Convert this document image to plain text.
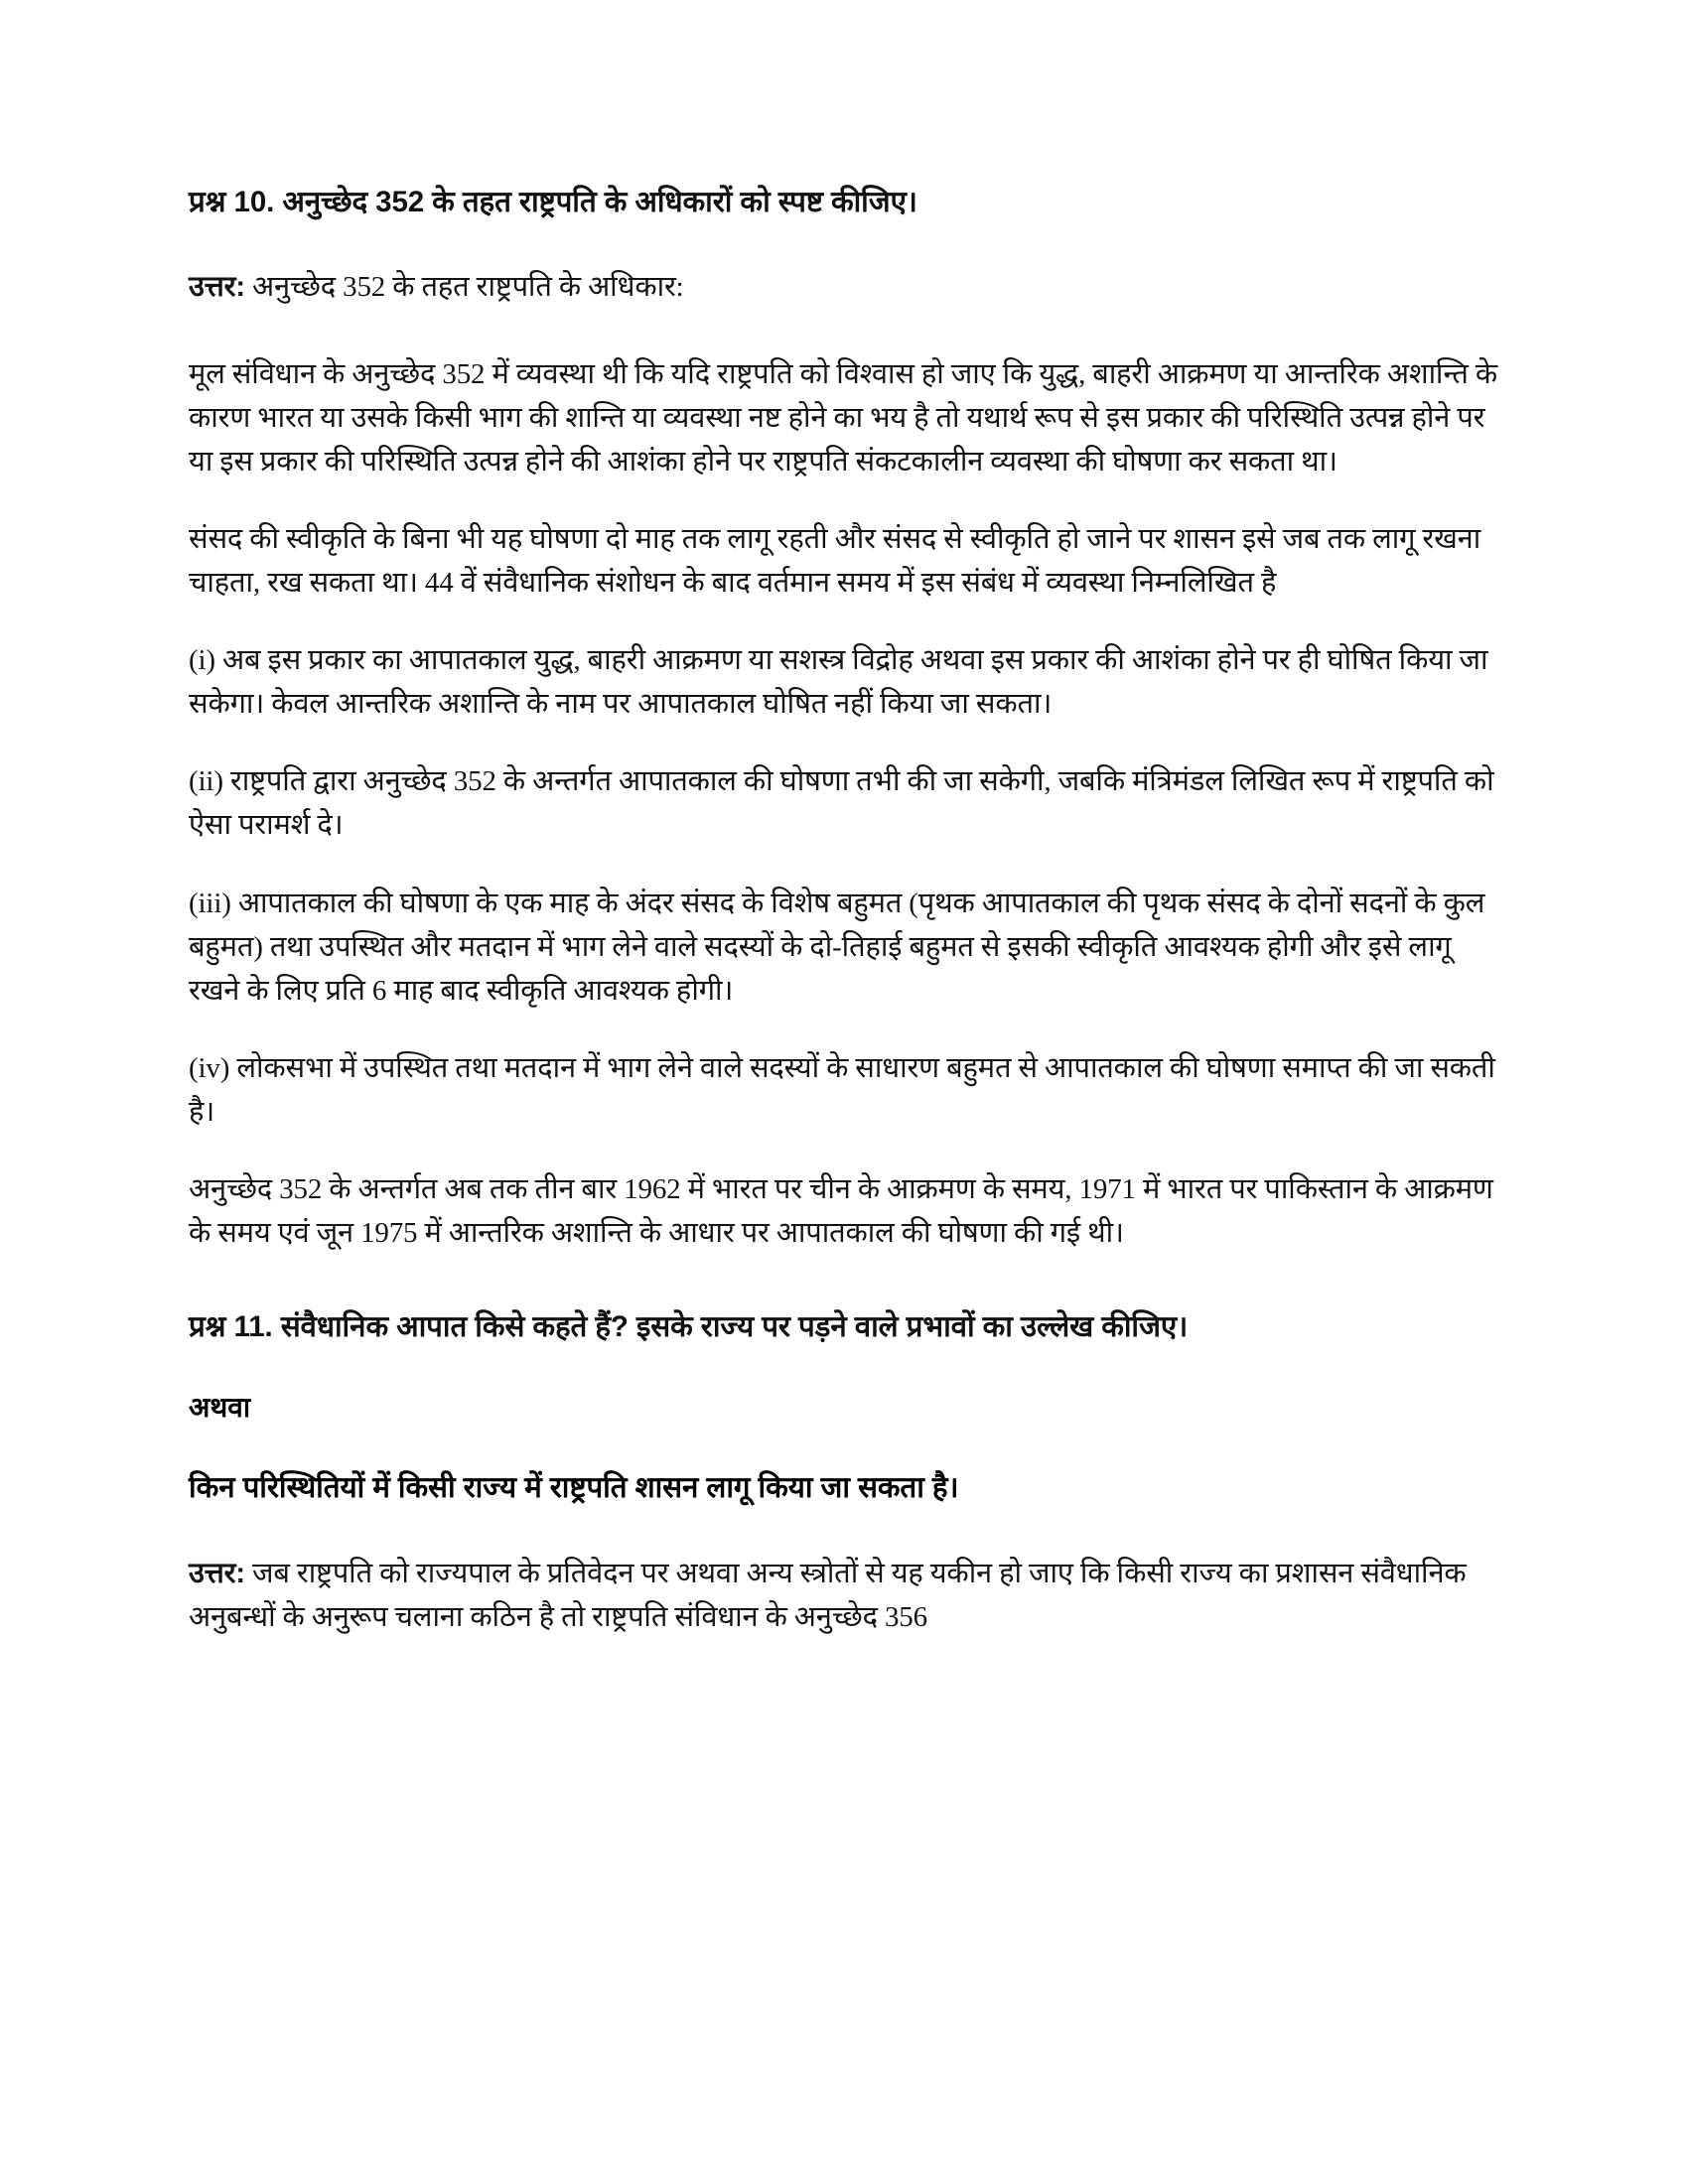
प्रश्न 10. अनुच्छेद 352 के तहत राष्ट्रपति के अधिकारों को स्पष्ट कीजिए।

उत्तर: अनुच्छेद 352 के तहत राष्ट्रपति के अधिकार:

मूल संविधान के अनुच्छेद 352 में व्यवस्था थी कि यदि राष्ट्रपति को विश्वास हो जाए कि युद्ध, बाहरी आक्रमण या आन्तरिक अशान्ति के कारण भारत या उसके किसी भाग की शान्ति या व्यवस्था नष्ट होने का भय है तो यथार्थ रूप से इस प्रकार की परिस्थिति उत्पन्न होने पर या इस प्रकार की परिस्थिति उत्पन्न होने की आशंका होने पर राष्ट्रपति संकटकालीन व्यवस्था की घोषणा कर सकता था।

संसद की स्वीकृति के बिना भी यह घोषणा दो माह तक लागू रहती और संसद से स्वीकृति हो जाने पर शासन इसे जब तक लागू रखना चाहता, रख सकता था। 44 वें संवैधानिक संशोधन के बाद वर्तमान समय में इस संबंध में व्यवस्था निम्नलिखित है

(i) अब इस प्रकार का आपातकाल युद्ध, बाहरी आक्रमण या सशस्त्र विद्रोह अथवा इस प्रकार की आशंका होने पर ही घोषित किया जा सकेगा। केवल आन्तरिक अशान्ति के नाम पर आपातकाल घोषित नहीं किया जा सकता।

(ii) राष्ट्रपति द्वारा अनुच्छेद 352 के अन्तर्गत आपातकाल की घोषणा तभी की जा सकेगी, जबकि मंत्रिमंडल लिखित रूप में राष्ट्रपति को ऐसा परामर्श दे।

(iii) आपातकाल की घोषणा के एक माह के अंदर संसद के विशेष बहुमत (पृथक आपातकाल की पृथक संसद के दोनों सदनों के कुल बहुमत) तथा उपस्थित और मतदान में भाग लेने वाले सदस्यों के दो-तिहाई बहुमत से इसकी स्वीकृति आवश्यक होगी और इसे लागू रखने के लिए प्रति 6 माह बाद स्वीकृति आवश्यक होगी।

(iv) लोकसभा में उपस्थित तथा मतदान में भाग लेने वाले सदस्यों के साधारण बहुमत से आपातकाल की घोषणा समाप्त की जा सकती है।

अनुच्छेद 352 के अन्तर्गत अब तक तीन बार 1962 में भारत पर चीन के आक्रमण के समय, 1971 में भारत पर पाकिस्तान के आक्रमण के समय एवं जून 1975 में आन्तरिक अशान्ति के आधार पर आपातकाल की घोषणा की गई थी।

प्रश्न 11. संवैधानिक आपात किसे कहते हैं? इसके राज्य पर पड़ने वाले प्रभावों का उल्लेख कीजिए।

अथवा

किन परिस्थितियों में किसी राज्य में राष्ट्रपति शासन लागू किया जा सकता है।

उत्तर: जब राष्ट्रपति को राज्यपाल के प्रतिवेदन पर अथवा अन्य स्त्रोतों से यह यकीन हो जाए कि किसी राज्य का प्रशासन संवैधानिक अनुबन्धों के अनुरूप चलाना कठिन है तो राष्ट्रपति संविधान के अनुच्छेद 356
